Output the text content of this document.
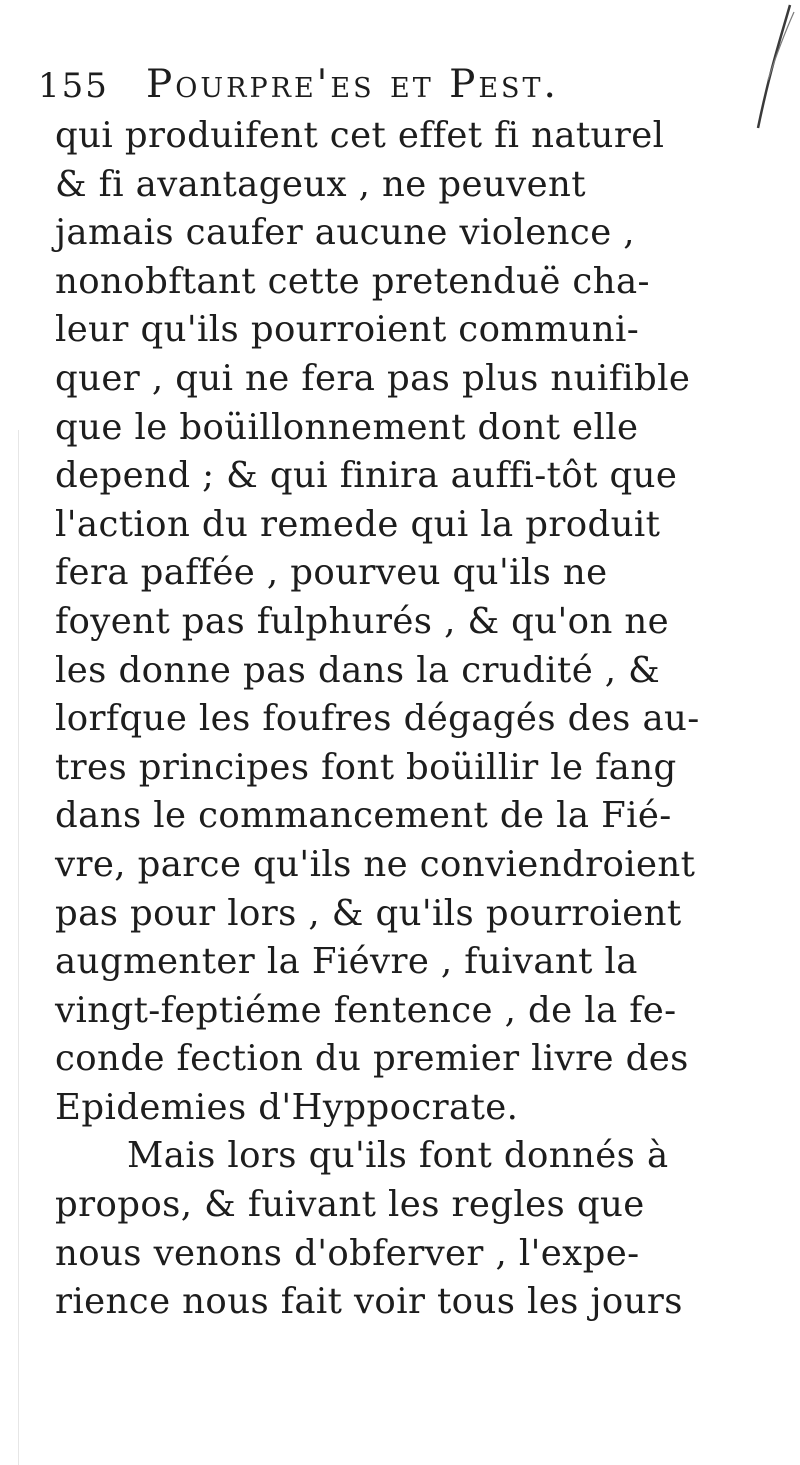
155 Pourpre'es et Pest.
qui produifent cet effet fi naturel
& fi avantageux , ne peuvent
jamais caufer aucune violence ,
nonobftant cette pretenduë cha-
leur qu'ils pourroient communi-
quer , qui ne fera pas plus nuifible
que le boüillonnement dont elle
depend ; & qui finira auffi-tôt que
l'action du remede qui la produit
fera paffée , pourveu qu'ils ne
foyent pas fulphurés , & qu'on ne
les donne pas dans la crudité , &
lorfque les foufres dégagés des au-
tres principes font boüillir le fang
dans le commancement de la Fié-
vre, parce qu'ils ne conviendroient
pas pour lors , & qu'ils pourroient
augmenter la Fiévre , fuivant la
vingt-feptiéme fentence , de la fe-
conde fection du premier livre des
Epidemies d'Hyppocrate.
Mais lors qu'ils font donnés à
propos, & fuivant les regles que
nous venons d'obferver , l'expe-
rience nous fait voir tous les jours
